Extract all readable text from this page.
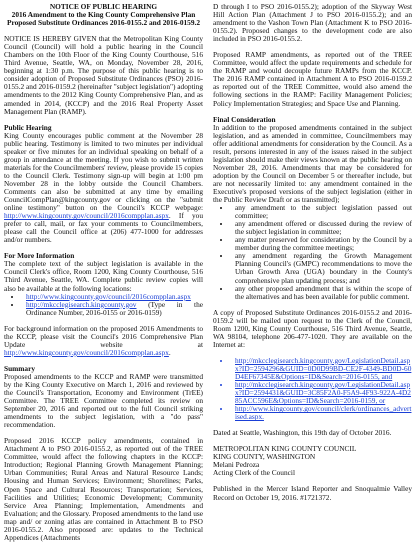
NOTICE OF PUBLIC HEARING
2016 Amendment to the King County Comprehensive Plan
Proposed Substitute Ordinances 2016-0155.2 and 2016-0159.2

NOTICE IS HEREBY GIVEN that the Metropolitan King County Council (Council) will hold a public hearing in the Council Chambers on the 10th Floor of the King County Courthouse, 516 Third Avenue, Seattle, WA, on Monday, November 28, 2016, beginning at 1:30 p.m. The purpose of this public hearing is to consider adoption of Proposed Substitute Ordinances (PSO) 2016-0155.2 and 2016-0159.2 (hereinafter "subject legislation") adopting amendments to the 2012 King County Comprehensive Plan, and as amended in 2014, (KCCP) and the 2016 Real Property Asset Management Plan (RAMP).

Public Hearing
King County encourages public comment at the November 28 public hearing. Testimony is limited to two minutes per individual speaker or five minutes for an individual speaking on behalf of a group in attendance at the meeting. If you wish to submit written materials for the Councilmembers' review, please provide 15 copies to the Council Clerk. Testimony sign-up will begin at 1:00 pm November 28 in the lobby outside the Council Chambers. Comments can also be submitted at any time by emailing CouncilCompPlan@kingcounty.gov or clicking on the "submit online testimony" button on the Council's KCCP webpage: http://www.kingcounty.gov/council/2016compplan.aspx. If you prefer to call, mail, or fax your comments to Councilmembers, please call the Council office at (206) 477-1000 for addresses and/or numbers.
For More Information
The complete text of the subject legislation is available in the Council Clerk's office, Room 1200, King County Courthouse, 516 Third Avenue, Seattle, WA. Complete public review copies will also be available at the following locations:
• http://www.kingcounty.gov/council/2016compplan.aspx
• http://mkcclegisearch.kingcounty.gov (Type in the Ordinance Number, 2016-0155 or 2016-0159)
For background information on the proposed 2016 Amendments to the KCCP, please visit the Council's 2016 Comprehensive Plan Update website at http://www.kingcounty.gov/council/2016compplan.aspx.
Summary

Proposed amendments to the KCCP and RAMP were transmitted by the King County Executive on March 1, 2016 and reviewed by the Council's Transportation, Economy and Environment (TrEE) Committee. The TREE Committee completed its review on September 20, 2016 and reported out to the full Council striking amendments to the subject legislation, with a "do pass" recommendation.

Proposed 2016 KCCP policy amendments, contained in Attachment A to PSO 2016-0155.2, as reported out of the TREE Committee, would affect the following chapters in the KCCP: Introduction; Regional Planning Growth Management Planning; Urban Communities; Rural Areas and Natural Resource Lands; Housing and Human Services; Environment; Shorelines; Parks, Open Space and Cultural Resources; Transportation; Services, Facilities and Utilities; Economic Development; Community Service Area Planning; Implementation, Amendments and Evaluation; and the Glossary. Proposed amendments to the land use map and/ or zoning atlas are contained in Attachment B to PSO 2016-0155.2. Also proposed are: updates to the Technical Appendices (Attachments

D through I to PSO 2016-0155.2); adoption of the Skyway West Hill Action Plan (Attachment J to PSO 2016-0155.2); and an amendment to the Vashon Town Plan (Attachment K to PSO 2016-0155.2). Proposed changes to the development code are also included in PSO 2016-0155.2.

Proposed RAMP amendments, as reported out of the TREE Committee, would affect the update requirements and schedule for the RAMP and would decouple future RAMPs from the KCCP. The 2016 RAMP contained in Attachment A to PSO 2016-0159.2 as reported out of the TREE Committee, would also amend the following sections in the RAMP: Facility Management Policies; Policy Implementation Strategies; and Space Use and Planning.

Final Consideration
In addition to the proposed amendments contained in the subject legislation, and as amended in committee, Councilmembers may offer additional amendments for consideration by the Council. As a result, persons interested in any of the issues raised in the subject legislation should make their views known at the public hearing on November 28, 2016. Amendments that may be considered for adoption by the Council on December 5 or thereafter include, but are not necessarily limited to: any amendment contained in the Executive's proposed versions of the subject legislation (either in the Public Review Draft or as transmitted);
• any amendment to the subject legislation passed out committee;
• any amendment offered or discussed during the review of the subject legislation in committee;
• any matter preserved for consideration by the Council by a member during the committee meetings;
• any amendment regarding the Growth Management Planning Council's (GMPC) recommendations to move the Urban Growth Area (UGA) boundary in the County's comprehensive plan updating process; and
• any other proposed amendment that is within the scope of the alternatives and has been available for public comment.

A copy of Proposed Substitute Ordinances 2016-0155.2 and 2016-0159.2 will be mailed upon request to the Clerk of the Council, Room 1200, King County Courthouse, 516 Third Avenue, Seattle, WA 98104, telephone 206-477-1020. They are available on the Internet at:

• http://mkcclegisearch.kingcounty.gov/LegislationDetail.aspx?ID=2594296&GUID=0D0D99BD-CE2F-4349-BD0D-60D4EF67345E&Options=ID&Search=2016-0155, and
• http://mkcclegisearch.kingcounty.gov/LegislationDetail.aspx?ID=2594431&GUID=3C85F2A0-F5A9-4F93-922A-4D285ACC596E&Options=ID&Search=2016-0159, or
• http://www.kingcounty.gov/council/clerk/ordinances_advertised.aspx.

Dated at Seattle, Washington, this 19th day of October 2016.

METROPOLITAN KING COUNTY COUNCIL
KING COUNTY, WASHINGTON
Melani Pedroza
Acting Clerk of the Council

Published in the Mercer Island Reporter and Snoqualmie Valley Record on October 19, 2016. #1721372.
